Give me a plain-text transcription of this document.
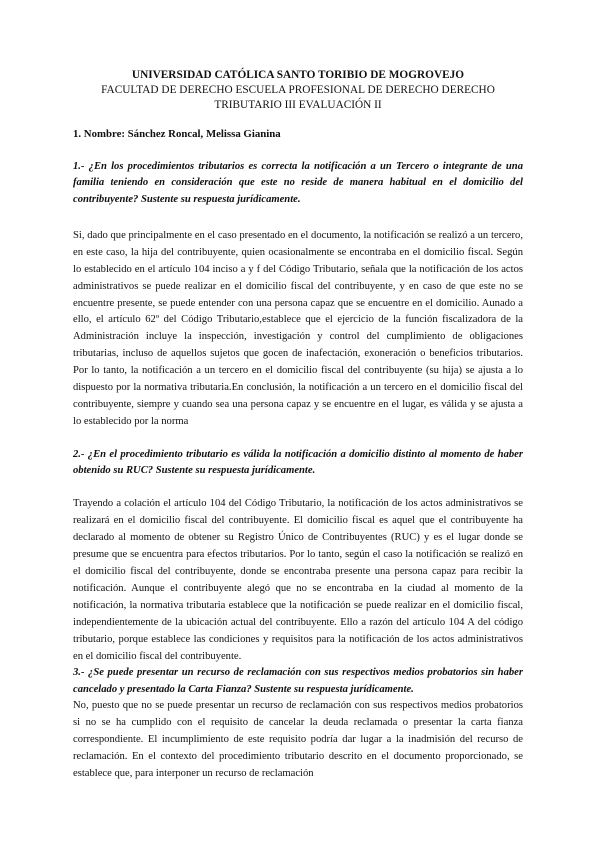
UNIVERSIDAD CATÓLICA SANTO TORIBIO DE MOGROVEJO
FACULTAD DE DERECHO ESCUELA PROFESIONAL DE DERECHO DERECHO
TRIBUTARIO III EVALUACIÓN II
1. Nombre: Sánchez Roncal, Melissa Gianina
1.- ¿En los procedimientos tributarios es correcta la notificación a un Tercero o integrante de una familia teniendo en consideración que este no reside de manera habitual en el domicilio del contribuyente? Sustente su respuesta jurídicamente.
Si, dado que principalmente en el caso presentado en el documento, la notificación se realizó a un tercero, en este caso, la hija del contribuyente, quien ocasionalmente se encontraba en el domicilio fiscal. Según lo establecido en el artículo 104 inciso a y f del Código Tributario, señala que la notificación de los actos administrativos se puede realizar en el domicilio fiscal del contribuyente, y en caso de que este no se encuentre presente, se puede entender con una persona capaz que se encuentre en el domicilio. Aunado a ello, el artículo 62º del Código Tributario,establece que el ejercicio de la función fiscalizadora de la Administración incluye la inspección, investigación y control del cumplimiento de obligaciones tributarias, incluso de aquellos sujetos que gocen de inafectación, exoneración o beneficios tributarios. Por lo tanto, la notificación a un tercero en el domicilio fiscal del contribuyente (su hija) se ajusta a lo dispuesto por la normativa tributaria.En conclusión, la notificación a un tercero en el domicilio fiscal del contribuyente, siempre y cuando sea una persona capaz y se encuentre en el lugar, es válida y se ajusta a lo establecido por la norma
2.- ¿En el procedimiento tributario es válida la notificación a domicilio distinto al momento de haber obtenido su RUC? Sustente su respuesta jurídicamente.
Trayendo a colación el artículo 104 del Código Tributario, la notificación de los actos administrativos se realizará en el domicilio fiscal del contribuyente. El domicilio fiscal es aquel que el contribuyente ha declarado al momento de obtener su Registro Único de Contribuyentes (RUC) y es el lugar donde se presume que se encuentra para efectos tributarios. Por lo tanto, según el caso la notificación se realizó en el domicilio fiscal del contribuyente, donde se encontraba presente una persona capaz para recibir la notificación. Aunque el contribuyente alegó que no se encontraba en la ciudad al momento de la notificación, la normativa tributaria establece que la notificación se puede realizar en el domicilio fiscal, independientemente de la ubicación actual del contribuyente. Ello a razón del artículo 104 A del código tributario, porque establece las condiciones y requisitos para la notificación de los actos administrativos en el domicilio fiscal del contribuyente.
3.- ¿Se puede presentar un recurso de reclamación con sus respectivos medios probatorios sin haber cancelado y presentado la Carta Fianza? Sustente su respuesta jurídicamente.
No, puesto que no se puede presentar un recurso de reclamación con sus respectivos medios probatorios si no se ha cumplido con el requisito de cancelar la deuda reclamada o presentar la carta fianza correspondiente. El incumplimiento de este requisito podría dar lugar a la inadmisión del recurso de reclamación. En el contexto del procedimiento tributario descrito en el documento proporcionado, se establece que, para interponer un recurso de reclamación
